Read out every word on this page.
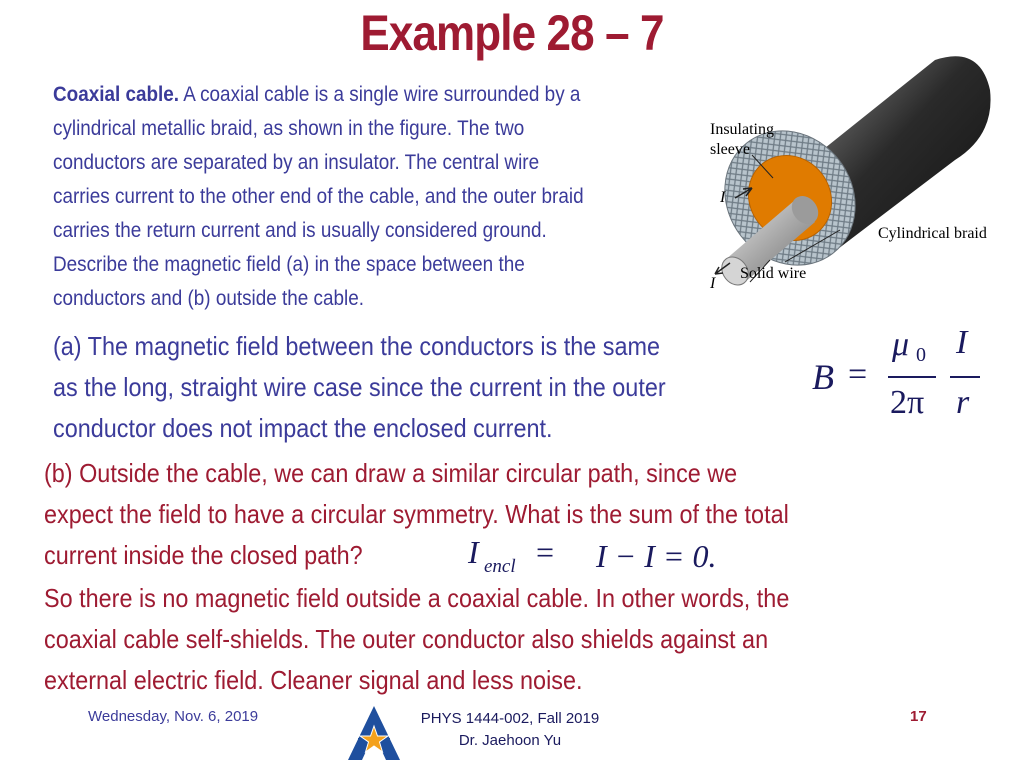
Example 28 – 7
Coaxial cable. A coaxial cable is a single wire surrounded by a
cylindrical metallic braid, as shown in the figure. The two
conductors are separated by an insulator. The central wire
carries current to the other end of the cable, and the outer braid
carries the return current and is usually considered ground.
Describe the magnetic field (a) in the space between the
conductors and (b) outside the cable.
Insulating
sleeve
Cylindrical braid
Solid wire
I
I
(a) The magnetic field between the conductors is the same
as the long, straight wire case since the current in the outer
conductor does not impact the enclosed current.
B =
μ 0
2π
I
r
(b) Outside the cable, we can draw a similar circular path, since we
expect the field to have a circular symmetry. What is the sum of the total
current inside the closed path?	I encl = I − I = 0.
So there is no magnetic field outside a coaxial cable. In other words, the
coaxial cable self-shields. The outer conductor also shields against an
external electric field. Cleaner signal and less noise.
Wednesday, Nov. 6, 2019	PHYS 1444-002, Fall 2019
Dr. Jaehoon Yu
17
